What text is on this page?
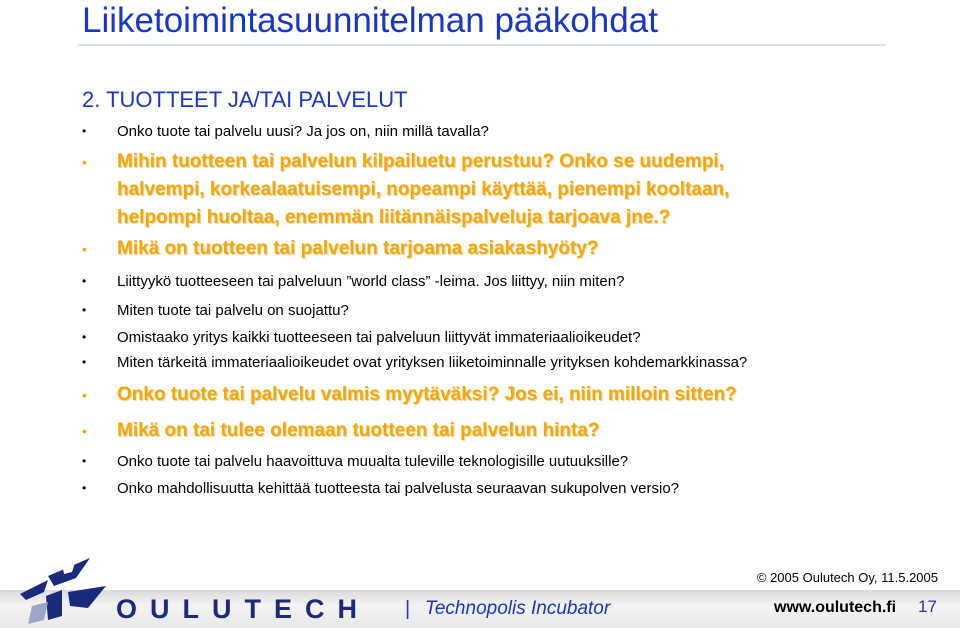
Liiketoimintasuunnitelman pääkohdat
2. TUOTTEET JA/TAI PALVELUT
• Onko tuote tai palvelu uusi? Ja jos on, niin millä tavalla?
• Mihin tuotteen tai palvelun kilpailuetu perustuu? Onko se uudempi,
halvempi, korkealaatuisempi, nopeampi käyttää, pienempi kooltaan,
helpompi huoltaa, enemmän liitännäispalveluja tarjoava jne.?
• Mikä on tuotteen tai palvelun tarjoama asiakashyöty?
• Liittyykö tuotteeseen tai palveluun ”world class” -leima. Jos liittyy, niin miten?
• Miten tuote tai palvelu on suojattu?
• Omistaako yritys kaikki tuotteeseen tai palveluun liittyvät immateriaalioikeudet?
• Miten tärkeitä immateriaalioikeudet ovat yrityksen liiketoiminnalle yrityksen kohdemarkkinassa?
• Onko tuote tai palvelu valmis myytäväksi? Jos ei, niin milloin sitten?
• Mikä on tai tulee olemaan tuotteen tai palvelun hinta?
• Onko tuote tai palvelu haavoittuva muualta tuleville teknologisille uutuuksille?
• Onko mahdollisuutta kehittää tuotteesta tai palvelusta seuraavan sukupolven versio?
OULUTECH | Technopolis Incubator
© 2005 Oulutech Oy, 11.5.2005
www.oulutech.fi 17
